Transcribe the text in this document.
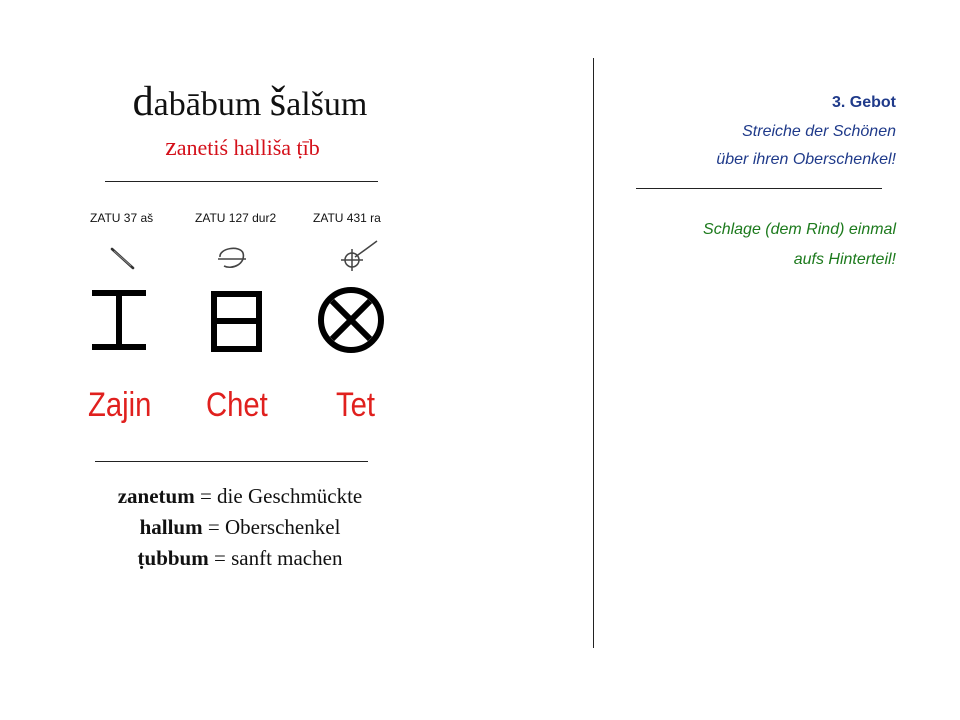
dabābum šalšum
zanetiś hallišа ṭīb
ZATU 37 aš	ZATU 127 dur2	ZATU 431 ra
Zajin Chet Tet
zanetum = die Geschmückte
hallum = Oberschenkel
ṭubbum = sanft machen
3. Gebot
Streiche der Schönen
über ihren Oberschenkel!
Schlage (dem Rind) einmal
aufs Hinterteil!
